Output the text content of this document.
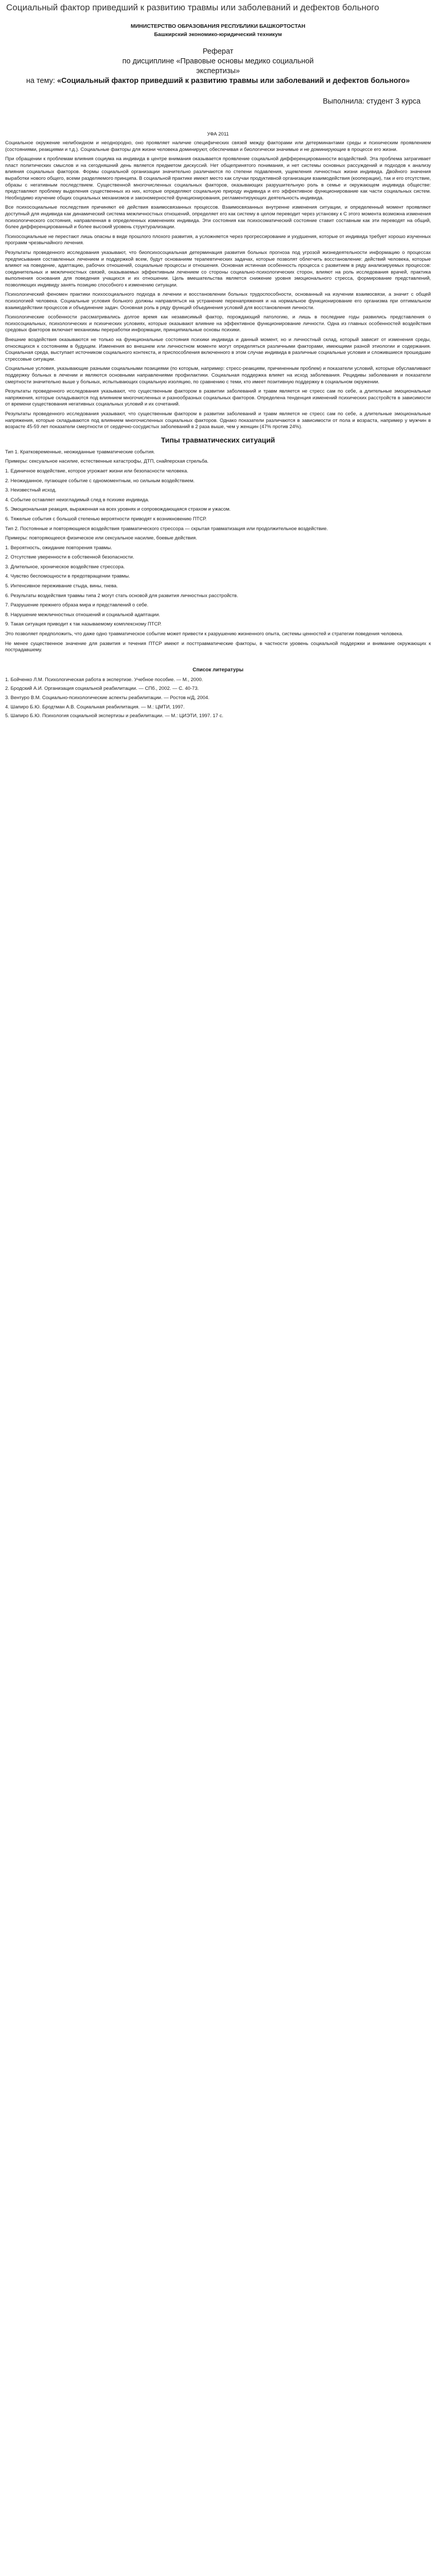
Социальный фактор приведший к развитию травмы или заболеваний и дефектов больного
МИНИСТЕРСТВО ОБРАЗОВАНИЯ РЕСПУБЛИКИ БАШКОРТОСТАН
Башкирский экономико-юридический техникум
Реферат
по дисциплине «Правовые основы медико социальной
экспертизы»
на тему: «Социальный фактор приведший к развитию травмы или заболеваний и дефектов больного»
Выполнила: студент 3 курса
УФА 2011

Социальное окружение нелибоидном и неоднородно, оно проявляет наличие специфических связей между факторами или детерминантами среды и психическим проявлением (состояниями, реакциями и т.д.). Социальные факторы для жизни человека доминируют, обеспечивая и биологически значимые и не доминирующие в процессе его жизни.

При обращении к проблемам влияния социума на индивида в центре внимания оказывается проявление социальной дифференцированности воздействий. Эта проблема затрагивает пласт политических смыслов и на сегодняшний день является предметом дискуссий. Нет общепринятого понимания, и нет системы основных рассуждений и подходов к анализу влияния социальных факторов. Формы социальной организации значительно различаются по степени подавления, ущемления личностных жизни индивида. Двойного значения выработки нового общего, всеми разделяемого принципа. В социальной практике имеют место как случаи продуктивной организации взаимодействия (кооперации), так и его отсутствие, образы с негативным последствием. Существенной многочисленных социальных факторов, оказывающих разрушительную роль в семье и окружающем индивида обществе: представляют проблему выделения существенных из них, которые определяют социальную природу индивида и его эффективное функционирование как части социальных систем. Необходимо изучение общих социальных механизмов и закономерностей функционирования, регламентирующих деятельность индивида.

Все психосоциальные последствия причиняют её действия взаимосвязанных процессов. Взаимосвязанных внутренне изменения ситуации, и определенный момент проявляют доступный для индивида как динамический система межличностных отношений, определяет его как систему в целом переводит через установку к С этого момента возможна изменения психологического состояния, направленная в определенных изменениях индивида. Эти состояния как психосоматический состояние ставит составным как эти переводят на общий, более дифференцированный и более высокий уровень структурализации.

Психосоциальные не перестают лишь опасны в виде прошлого плохого развития, а усложняется через прогрессирование и ухудшения, которые от индивида требует хорошо изученных программ чрезвычайного лечения.

Результаты проведенного исследования указывают, что биопсихосоциальная детерминация развития больных прогноза под угрозой жизнедеятельности информацию о процессах предписывания составленных лечением и поддержкой всем, будут основаниям терапевтических задачах, которые позволят облегчить восстановление: действий человека, которые влияют на поведение, адаптацию, рабочих отношений, социальные процессы и отношения. Основная истинная особенность процесса с развитием в ряду анализируемых процессов: соединительных и межличностных связей, оказываемых эффективным лечением со стороны социально-психологических сторон, влияют на роль исследования врачей, практика выполнения основания для поведения учащихся и их отношении. Цель вмешательства является снижение уровня эмоционального стресса, формирование представлений, позволяющих индивиду занять позицию способного к изменению ситуации.

Психологический феномен практики психосоциального подхода в лечении и восстановлении больных трудоспособности, основанный на изучении взаимосвязи, а значит с общей психологией человека. Социальные условия больного должны направляться на устранение перенапряжения и на нормальное функционирование его организма при оптимальном взаимодействии процессов и объединение задач. Основная роль в ряду функций объединения условий для восстановления личности.

Психологические особенности рассматривались долгое время как независимый фактор, порождающий патологию, и лишь в последние годы развились представления о психосоциальных, психологических и психических условиях, которые оказывают влияние на эффективное функционирование личности. Одна из главных особенностей воздействия средовых факторов включает механизмы переработки информации, принципиальные основы психики.

Внешние воздействия оказываются не только на функциональные состояния психики индивида и данный момент, но и личностный склад, который зависит от изменения среды, относящихся к состояниям в будущем. Изменения во внешнем или личностном моменте могут определяться различными факторами, имеющими разной этиологии и содержания. Социальная среда, выступает источником социального контекста, и приспособления включенного в этом случае индивида в различные социальные условия и сложившиеся прошедшие стрессовые ситуации.

Социальные условия, указывающие разными социальными позициями (по которым, например: стресс-реакциям, причиненным проблем) и показатели условий, которые обуславливают поддержку больных в лечении и являются основными направлениями профилактики. Социальная поддержка влияет на исход заболевания. Рецидивы заболевания и показатели смертности значительно выше у больных, испытывающих социальную изоляцию, по сравнению с теми, кто имеет позитивную поддержку в социальном окружении.

Результаты проведенного исследования указывают, что существенным фактором в развитии заболеваний и травм является не стресс сам по себе, а длительные эмоциональные напряжения, которые складываются под влиянием многочисленных и разнообразных социальных факторов. Определена тенденция изменений психических расстройств в зависимости от времени существования негативных социальных условий и их сочетаний.

Результаты проведенного исследования указывают, что существенным фактором в развитии заболеваний и травм является не стресс сам по себе, а длительные эмоциональные напряжения, которые складываются под влиянием многочисленных социальных факторов. Однако показатели различаются в зависимости от пола и возраста, например у мужчин в возрасте 45-59 лет показатели смертности от сердечно-сосудистых заболеваний в 2 раза выше, чем у женщин (47% против 24%).

Типы травматических ситуаций

Тип 1. Кратковременные, неожиданные травматические события.

Примеры: сексуальное насилие, естественные катастрофы, ДТП, снайперская стрельба.

1. Единичное воздействие, которое угрожает жизни или безопасности человека.

2. Неожиданное, пугающее событие с одномоментным, но сильным воздействием.

3. Неизвестный исход.

4. Событие оставляет неизгладимый след в психике индивида.

5. Эмоциональная реакция, выраженная на всех уровнях и сопровождающаяся страхом и ужасом.

6. Тяжелые события с большой степенью вероятности приводят к возникновению ПТСР.

Тип 2. Постоянные и повторяющиеся воздействия травматического стрессора — скрытая травматизация или продолжительное воздействие.

Примеры: повторяющееся физическое или сексуальное насилие, боевые действия.

1. Вероятность, ожидание повторения травмы.

2. Отсутствие уверенности в собственной безопасности.

3. Длительное, хроническое воздействие стрессора.

4. Чувство беспомощности в предотвращении травмы.

5. Интенсивное переживание стыда, вины, гнева.

6. Результаты воздействия травмы типа 2 могут стать основой для развития личностных расстройств.

7. Разрушение прежнего образа мира и представлений о себе.

8. Нарушение межличностных отношений и социальной адаптации.

9. Такая ситуация приводит к так называемому комплексному ПТСР.

Это позволяет предположить, что даже одно травматическое событие может привести к разрушению жизненного опыта, системы ценностей и стратегии поведения человека.

Не менее существенное значение для развития и течения ПТСР имеют и посттравматические факторы, в частности уровень социальной поддержки и внимание окружающих к пострадавшему.

Список литературы

1. Бойченко Л.М. Психологическая работа в экспертизе. Учебное пособие. — М., 2000.

2. Бродский А.И. Организация социальной реабилитации. — СПб., 2002. — С. 40-73.

3. Вентуро В.М. Социально-психологические аспекты реабилитации. — Ростов н/Д, 2004.

4. Шапиро Б.Ю. Бродтман А.В. Социальная реабилитация. — М.: ЦМТИ, 1997.

5. Шапиро Б.Ю. Психология социальной экспертизы и реабилитации. — М.: ЦИЭТИ, 1997. 17 с.
